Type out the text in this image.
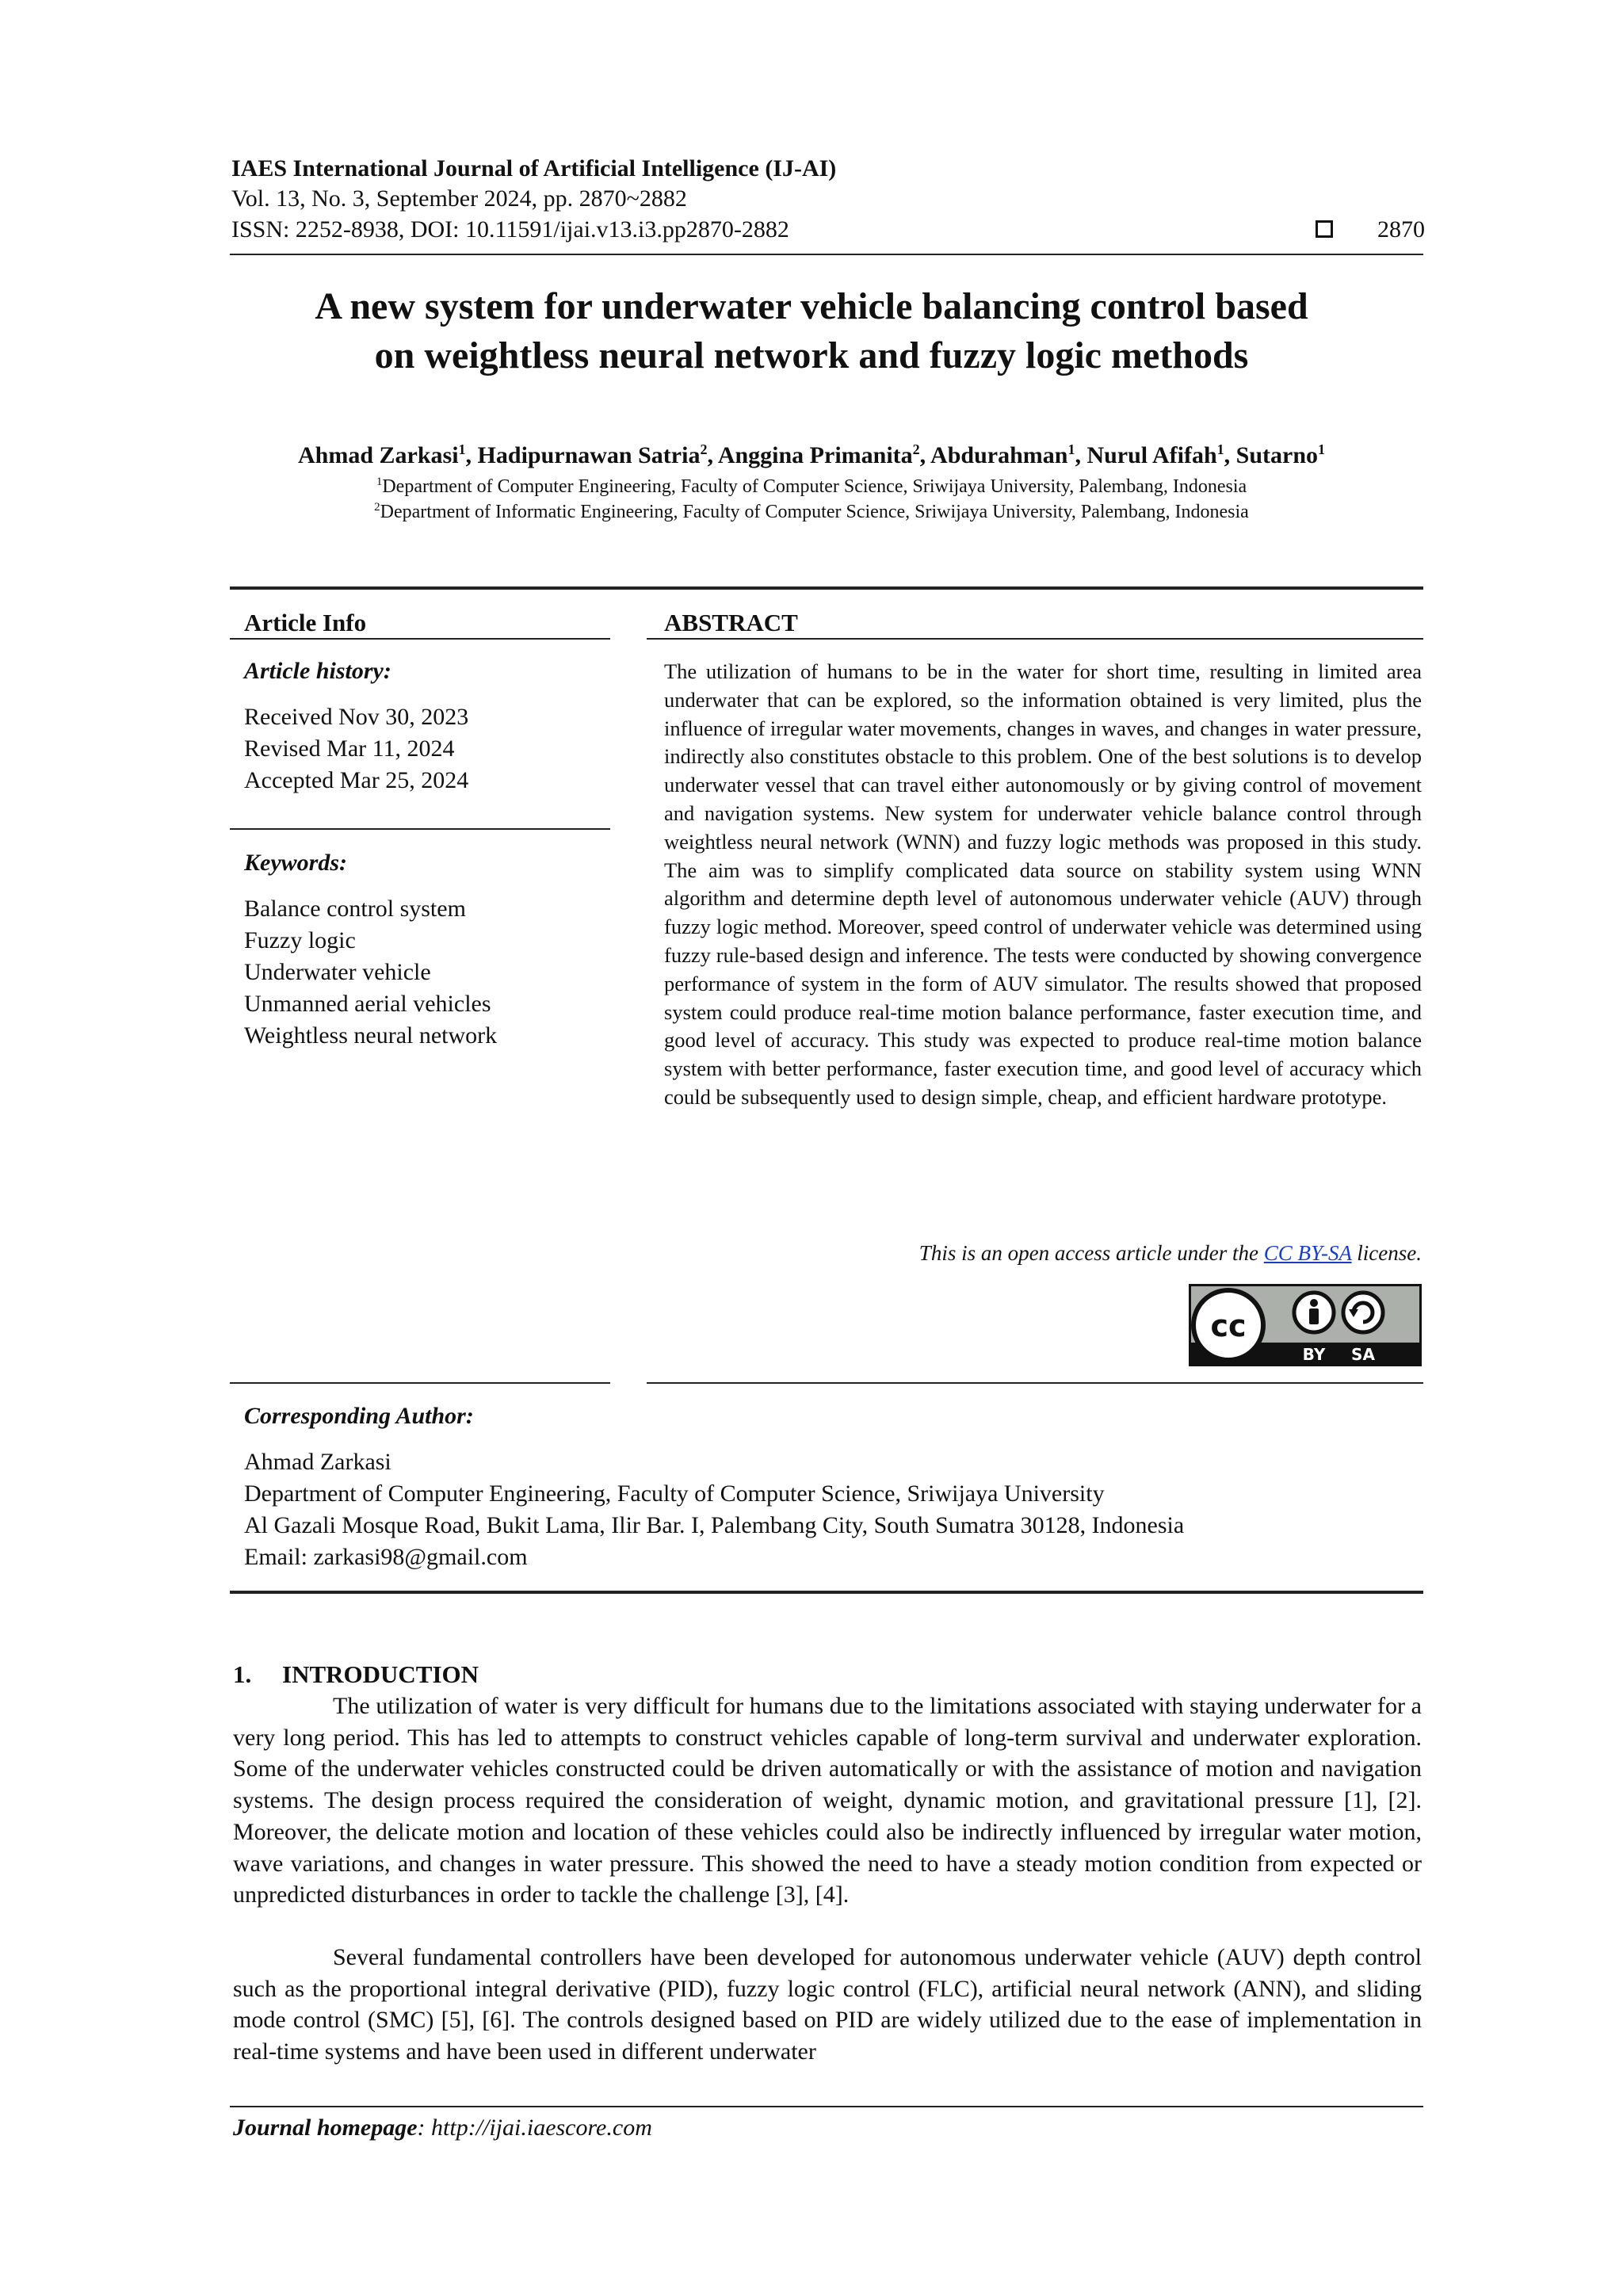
IAES International Journal of Artificial Intelligence (IJ-AI)
Vol. 13, No. 3, September 2024, pp. 2870~2882
ISSN: 2252-8938, DOI: 10.11591/ijai.v13.i3.pp2870-2882	2870
A new system for underwater vehicle balancing control based
on weightless neural network and fuzzy logic methods
Ahmad Zarkasi$^1$, Hadipurnawan Satria$^2$, Anggina Primanita$^2$, Abdurahman$^1$, Nurul Afifah$^1$, Sutarno$^1$
$^1$Department of Computer Engineering, Faculty of Computer Science, Sriwijaya University, Palembang, Indonesia
$^2$Department of Informatic Engineering, Faculty of Computer Science, Sriwijaya University, Palembang, Indonesia
Article Info
Article history:
Received Nov 30, 2023
Revised Mar 11, 2024
Accepted Mar 25, 2024
Keywords:
Balance control system
Fuzzy logic
Underwater vehicle
Unmanned aerial vehicles
Weightless neural network
ABSTRACT
The utilization of humans to be in the water for short time, resulting in limited area underwater that can be explored, so the information obtained is very limited, plus the influence of irregular water movements, changes in waves, and changes in water pressure, indirectly also constitutes obstacle to this problem. One of the best solutions is to develop underwater vessel that can travel either autonomously or by giving control of movement and navigation systems. New system for underwater vehicle balance control through weightless neural network (WNN) and fuzzy logic methods was proposed in this study. The aim was to simplify complicated data source on stability system using WNN algorithm and determine depth level of autonomous underwater vehicle (AUV) through fuzzy logic method. Moreover, speed control of underwater vehicle was determined using fuzzy rule-based design and inference. The tests were conducted by showing convergence performance of system in the form of AUV simulator. The results showed that proposed system could produce real-time motion balance performance, faster execution time, and good level of accuracy. This study was expected to produce real-time motion balance system with better performance, faster execution time, and good level of accuracy which could be subsequently used to design simple, cheap, and efficient hardware prototype.
This is an open access article under the CC BY-SA license.
cc
BY SA
Corresponding Author:
Ahmad Zarkasi
Department of Computer Engineering, Faculty of Computer Science, Sriwijaya University
Al Gazali Mosque Road, Bukit Lama, Ilir Bar. I, Palembang City, South Sumatra 30128, Indonesia
Email: zarkasi98@gmail.com
1.  INTRODUCTION
The utilization of water is very difficult for humans due to the limitations associated with staying underwater for a very long period. This has led to attempts to construct vehicles capable of long-term survival and underwater exploration. Some of the underwater vehicles constructed could be driven automatically or with the assistance of motion and navigation systems. The design process required the consideration of weight, dynamic motion, and gravitational pressure [1], [2]. Moreover, the delicate motion and location of these vehicles could also be indirectly influenced by irregular water motion, wave variations, and changes in water pressure. This showed the need to have a steady motion condition from expected or unpredicted disturbances in order to tackle the challenge [3], [4].
Several fundamental controllers have been developed for autonomous underwater vehicle (AUV) depth control such as the proportional integral derivative (PID), fuzzy logic control (FLC), artificial neural network (ANN), and sliding mode control (SMC) [5], [6]. The controls designed based on PID are widely utilized due to the ease of implementation in real-time systems and have been used in different underwater
Journal homepage: http://ijai.iaescore.com
